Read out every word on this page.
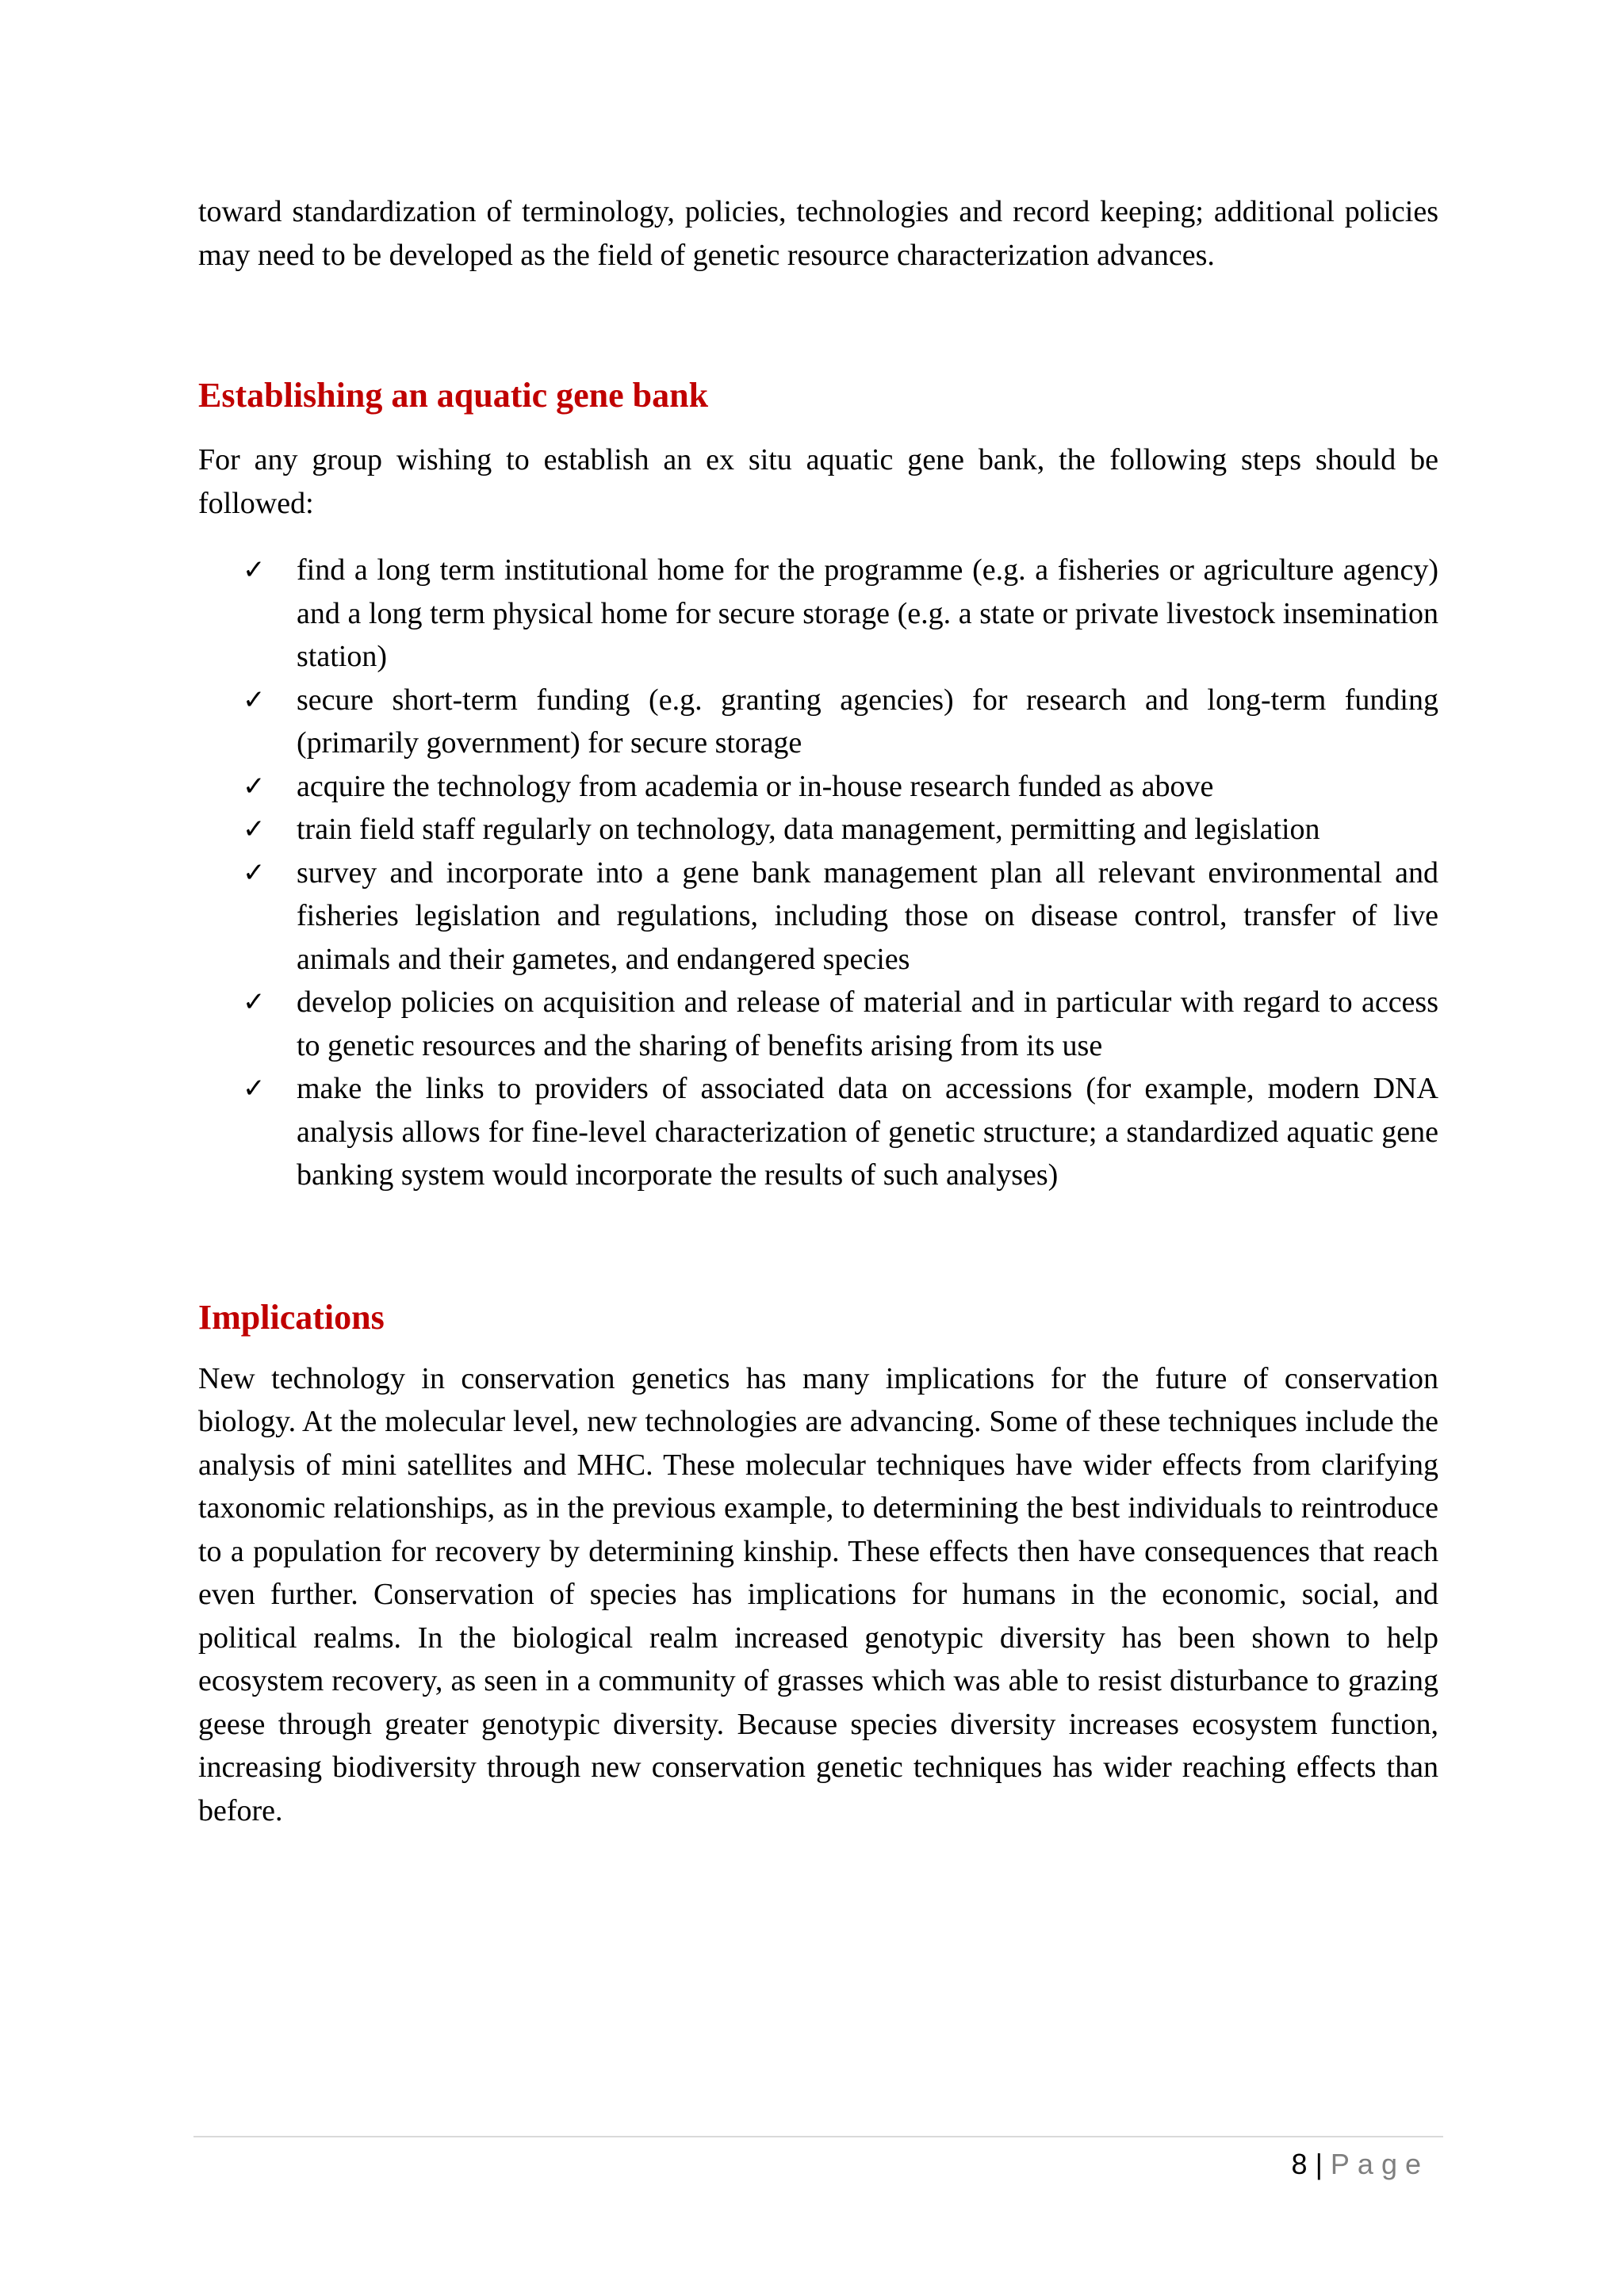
toward standardization of terminology, policies, technologies and record keeping; additional policies may need to be developed as the field of genetic resource characterization advances.

Establishing an aquatic gene bank

For any group wishing to establish an ex situ aquatic gene bank, the following steps should be followed:

✓ find a long term institutional home for the programme (e.g. a fisheries or agriculture agency) and a long term physical home for secure storage (e.g. a state or private livestock insemination station)
✓ secure short-term funding (e.g. granting agencies) for research and long-term funding (primarily government) for secure storage
✓ acquire the technology from academia or in-house research funded as above
✓ train field staff regularly on technology, data management, permitting and legislation
✓ survey and incorporate into a gene bank management plan all relevant environmental and fisheries legislation and regulations, including those on disease control, transfer of live animals and their gametes, and endangered species
✓ develop policies on acquisition and release of material and in particular with regard to access to genetic resources and the sharing of benefits arising from its use
✓ make the links to providers of associated data on accessions (for example, modern DNA analysis allows for fine-level characterization of genetic structure; a standardized aquatic gene banking system would incorporate the results of such analyses)
Implications

New technology in conservation genetics has many implications for the future of conservation biology. At the molecular level, new technologies are advancing. Some of these techniques include the analysis of mini satellites and MHC. These molecular techniques have wider effects from clarifying taxonomic relationships, as in the previous example, to determining the best individuals to reintroduce to a population for recovery by determining kinship. These effects then have consequences that reach even further. Conservation of species has implications for humans in the economic, social, and political realms. In the biological realm increased genotypic diversity has been shown to help ecosystem recovery, as seen in a community of grasses which was able to resist disturbance to grazing geese through greater genotypic diversity. Because species diversity increases ecosystem function, increasing biodiversity through new conservation genetic techniques has wider reaching effects than before.

8 | Page
